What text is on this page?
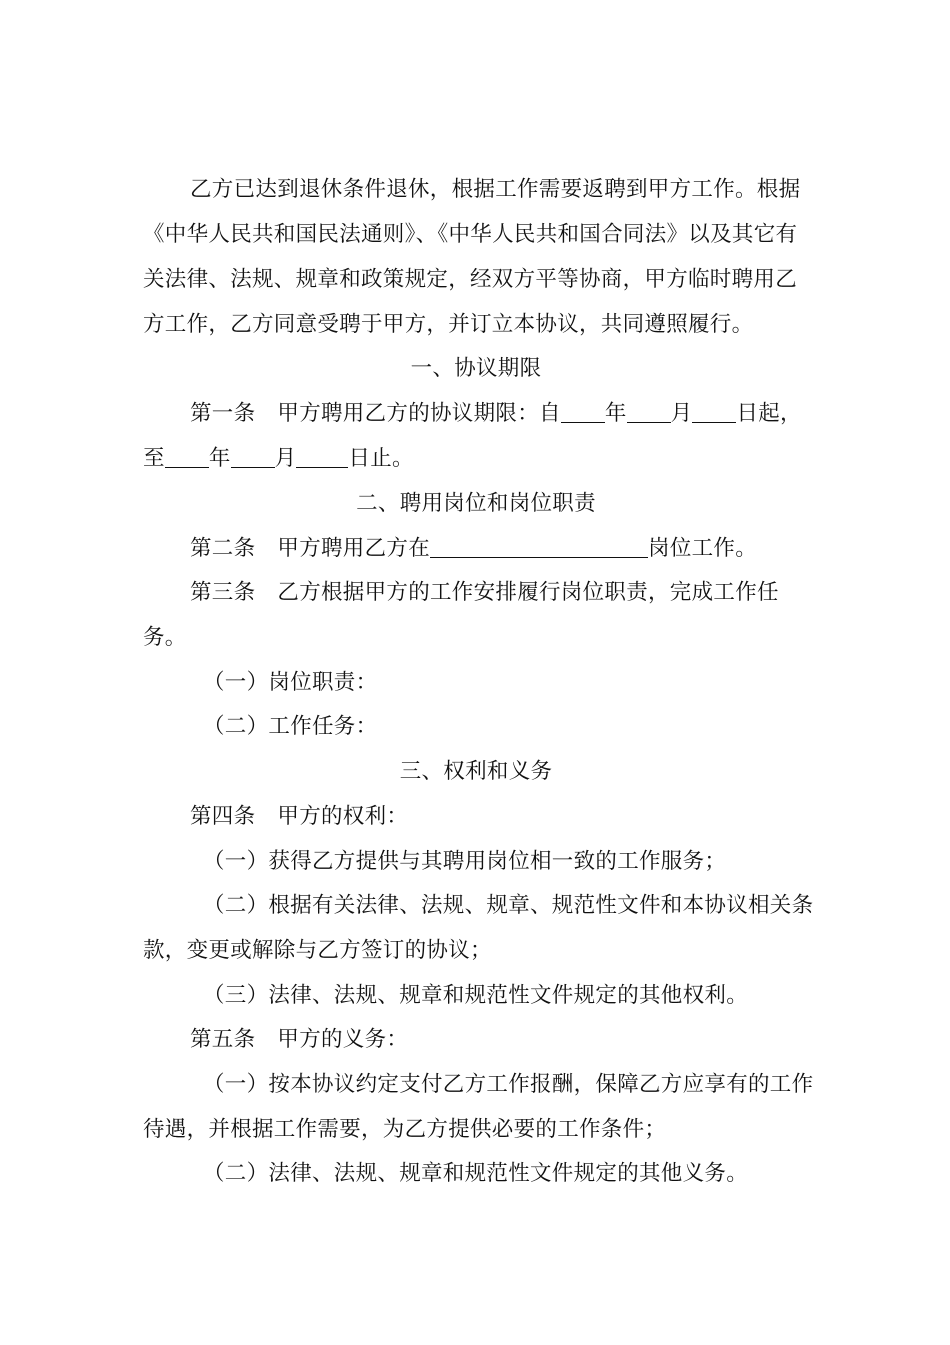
乙方已达到退休条件退休，根据工作需要返聘到甲方工作。根据
《中华人民共和国民法通则》、《中华人民共和国合同法》以及其它有
关法律、法规、规章和政策规定，经双方平等协商，甲方临时聘用乙
方工作，乙方同意受聘于甲方，并订立本协议，共同遵照履行。
一、协议期限
第一条 甲方聘用乙方的协议期限：自 年 月 日起，
至 年 月 日止。
二、聘用岗位和岗位职责
第二条 甲方聘用乙方在	岗位工作。
第三条 乙方根据甲方的工作安排履行岗位职责，完成工作任
务。
（一）岗位职责：
（二）工作任务：
三、权利和义务
第四条 甲方的权利：
（一）获得乙方提供与其聘用岗位相一致的工作服务；
（二）根据有关法律、法规、规章、规范性文件和本协议相关条
款，变更或解除与乙方签订的协议；
（三）法律、法规、规章和规范性文件规定的其他权利。
第五条 甲方的义务：
（一）按本协议约定支付乙方工作报酬，保障乙方应享有的工作
待遇，并根据工作需要，为乙方提供必要的工作条件；
（二）法律、法规、规章和规范性文件规定的其他义务。
